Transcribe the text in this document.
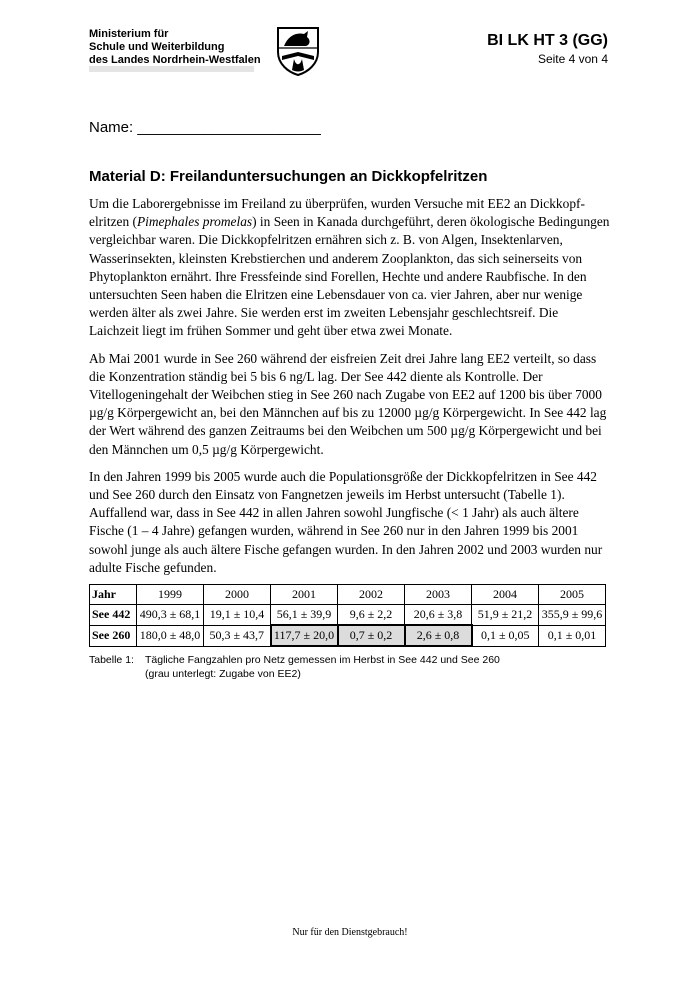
Ministerium für
Schule und Weiterbildung
des Landes Nordrhein-Westfalen
BI LK HT 3 (GG)
Seite 4 von 4
Name: ______________________
Material D: Freilanduntersuchungen an Dickkopfelritzen

Um die Laborergebnisse im Freiland zu überprüfen, wurden Versuche mit EE2 an Dickkopfelritzen (Pimephales promelas) in Seen in Kanada durchgeführt, deren ökologische Bedingungen vergleichbar waren. Die Dickkopfelritzen ernähren sich z. B. von Algen, Insektenlarven, Wasserinsekten, kleinsten Krebstierchen und anderem Zooplankton, das sich seinerseits von Phytoplankton ernährt. Ihre Fressfeinde sind Forellen, Hechte und andere Raubfische. In den untersuchten Seen haben die Elritzen eine Lebensdauer von ca. vier Jahren, aber nur wenige werden älter als zwei Jahre. Sie werden erst im zweiten Lebensjahr geschlechtsreif. Die Laichzeit liegt im frühen Sommer und geht über etwa zwei Monate.

Ab Mai 2001 wurde in See 260 während der eisfreien Zeit drei Jahre lang EE2 verteilt, so dass die Konzentration ständig bei 5 bis 6 ng/L lag. Der See 442 diente als Kontrolle. Der Vitellogeningehalt der Weibchen stieg in See 260 nach Zugabe von EE2 auf 1200 bis über 7000 µg/g Körpergewicht an, bei den Männchen auf bis zu 12000 µg/g Körpergewicht. In See 442 lag der Wert während des ganzen Zeitraums bei den Weibchen um 500 µg/g Körpergewicht und bei den Männchen um 0,5 µg/g Körpergewicht.

In den Jahren 1999 bis 2005 wurde auch die Populationsgröße der Dickkopfelritzen in See 442 und See 260 durch den Einsatz von Fangnetzen jeweils im Herbst untersucht (Tabelle 1). Auffallend war, dass in See 442 in allen Jahren sowohl Jungfische (< 1 Jahr) als auch ältere Fische (1 – 4 Jahre) gefangen wurden, während in See 260 nur in den Jahren 1999 bis 2001 sowohl junge als auch ältere Fische gefangen wurden. In den Jahren 2002 und 2003 wurden nur adulte Fische gefunden.

Jahr	1999	2000	2001	2002	2003	2004	2005
See 442	490,3 ± 68,1	19,1 ± 10,4	56,1 ± 39,9	9,6 ± 2,2	20,6 ± 3,8	51,9 ± 21,2	355,9 ± 99,6
See 260	180,0 ± 48,0	50,3 ± 43,7	117,7 ± 20,0	0,7 ± 0,2	2,6 ± 0,8	0,1 ± 0,05	0,1 ± 0,01
Tabelle 1: Tägliche Fangzahlen pro Netz gemessen im Herbst in See 442 und See 260
(grau unterlegt: Zugabe von EE2)
Nur für den Dienstgebrauch!
